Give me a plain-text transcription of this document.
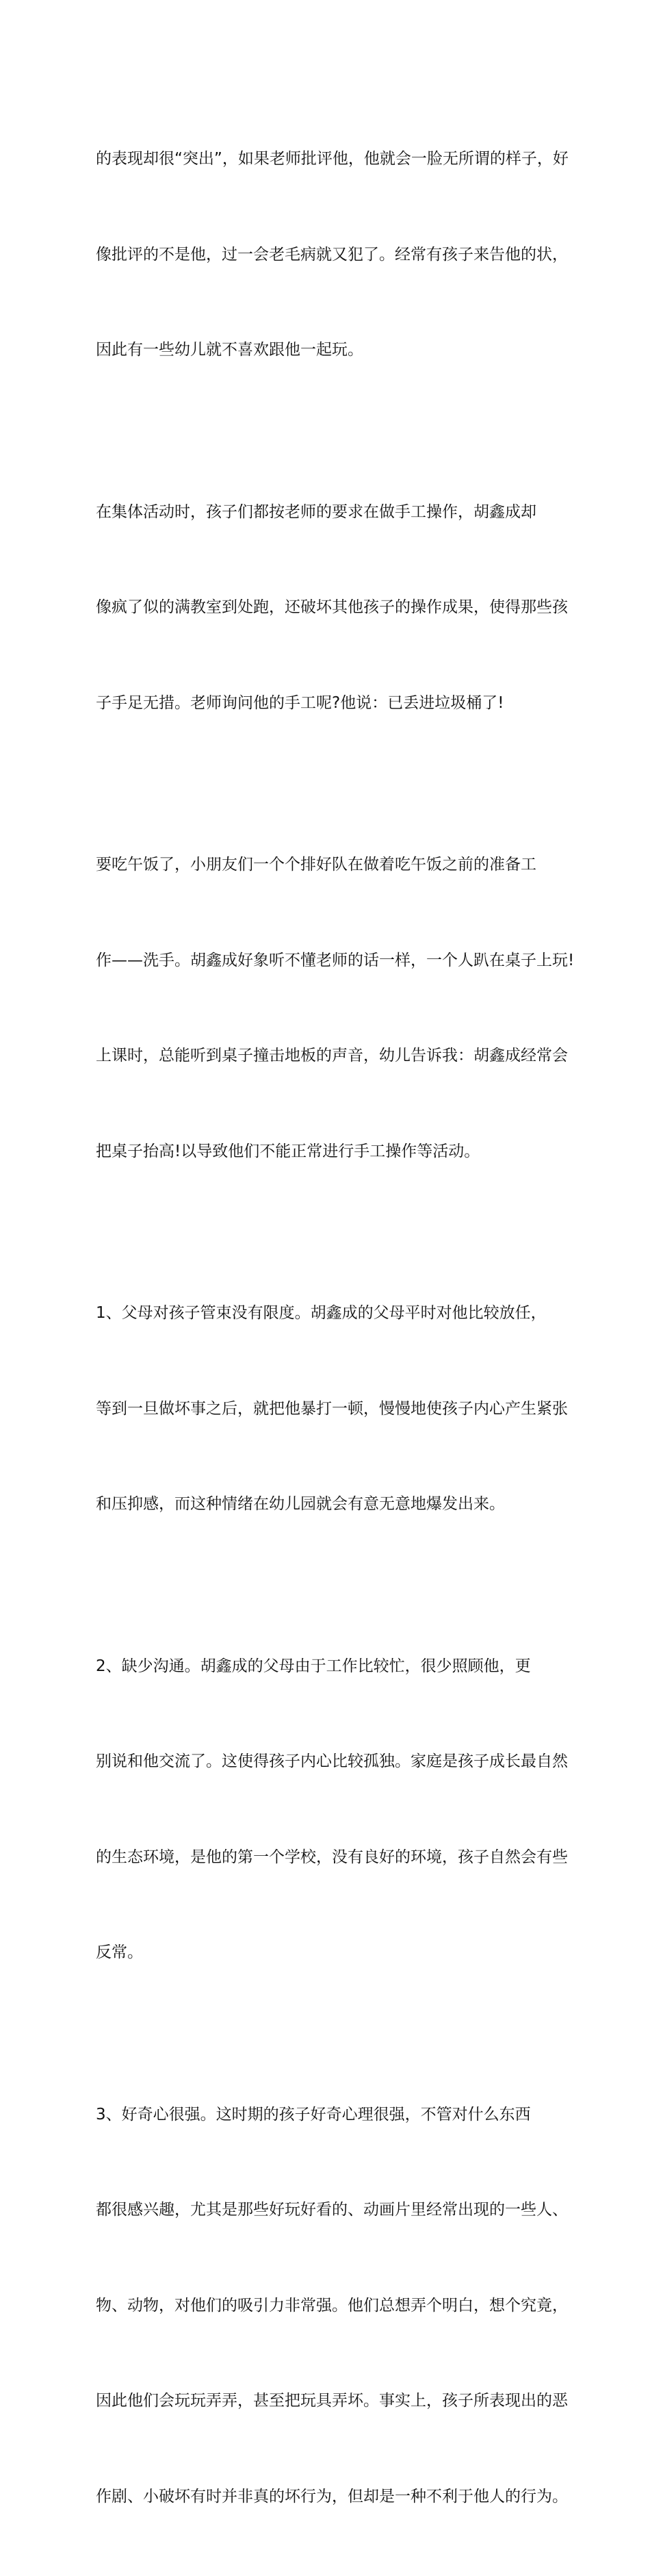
的表现却很“突出”，如果老师批评他，他就会一脸无所谓的样子，好

像批评的不是他，过一会老毛病就又犯了。经常有孩子来告他的状，

因此有一些幼儿就不喜欢跟他一起玩。

在集体活动时，孩子们都按老师的要求在做手工操作，胡鑫成却

像疯了似的满教室到处跑，还破坏其他孩子的操作成果，使得那些孩

子手足无措。老师询问他的手工呢?他说：已丢进垃圾桶了!

要吃午饭了，小朋友们一个个排好队在做着吃午饭之前的准备工

作——洗手。胡鑫成好象听不懂老师的话一样，一个人趴在桌子上玩!

上课时，总能听到桌子撞击地板的声音，幼儿告诉我：胡鑫成经常会

把桌子抬高!以导致他们不能正常进行手工操作等活动。

1、父母对孩子管束没有限度。胡鑫成的父母平时对他比较放任，

等到一旦做坏事之后，就把他暴打一顿，慢慢地使孩子内心产生紧张

和压抑感，而这种情绪在幼儿园就会有意无意地爆发出来。

2、缺少沟通。胡鑫成的父母由于工作比较忙，很少照顾他，更

别说和他交流了。这使得孩子内心比较孤独。家庭是孩子成长最自然

的生态环境，是他的第一个学校，没有良好的环境，孩子自然会有些

反常。

3、好奇心很强。这时期的孩子好奇心理很强，不管对什么东西

都很感兴趣，尤其是那些好玩好看的、动画片里经常出现的一些人、

物、动物，对他们的吸引力非常强。他们总想弄个明白，想个究竟，

因此他们会玩玩弄弄，甚至把玩具弄坏。事实上，孩子所表现出的恶

作剧、小破坏有时并非真的坏行为，但却是一种不利于他人的行为。
